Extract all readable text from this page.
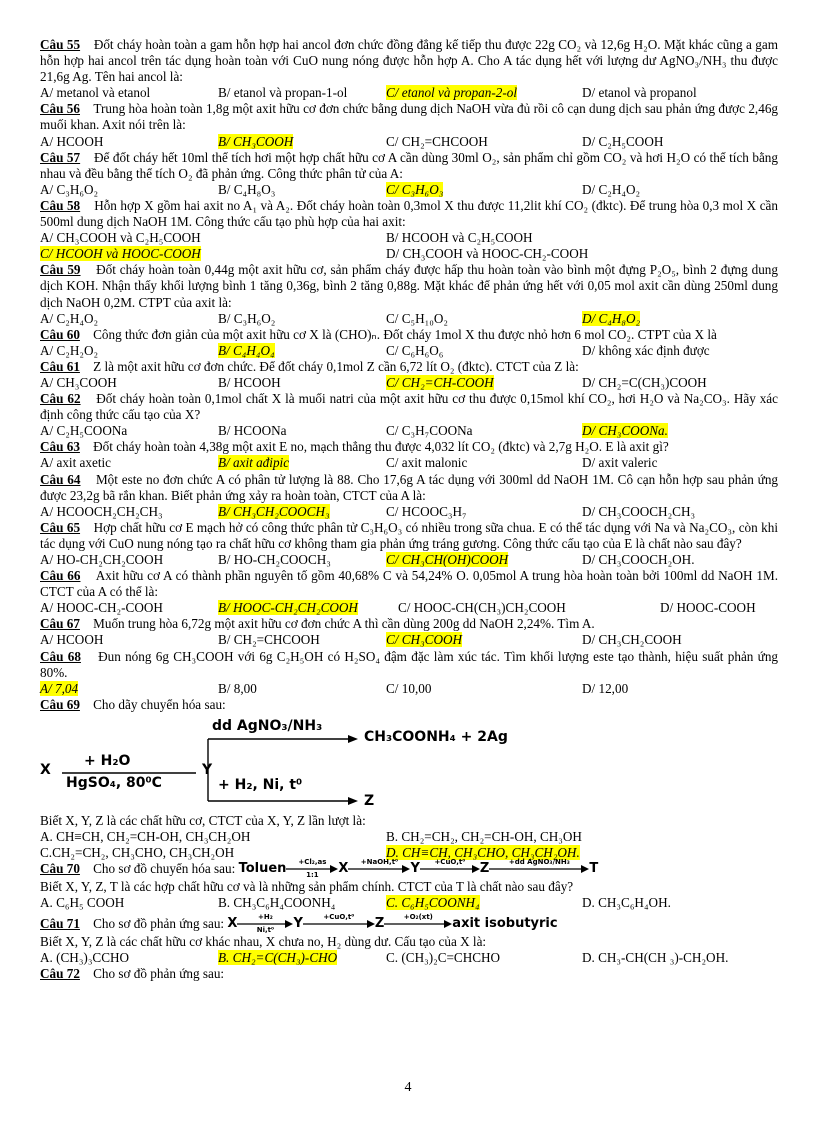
Câu 55 Đốt cháy hoàn toàn a gam hỗn hợp hai ancol đơn chức đồng đẳng kế tiếp thu được 22g CO₂ và 12,6g H₂O. Mặt khác cũng a gam hỗn hợp hai ancol trên tác dụng hoàn toàn với CuO nung nóng được hỗn hợp A. Cho A tác dụng hết với lượng dư AgNO₃/NH₃ thu được 21,6g Ag. Tên hai ancol là:

A/ metanol và etanol	B/ etanol và propan-1-ol	C/ etanol và propan-2-ol	D/ etanol và propanol

Câu 56 Trung hòa hoàn toàn 1,8g một axit hữu cơ đơn chức bằng dung dịch NaOH vừa đủ rồi cô cạn dung dịch sau phản ứng được 2,46g muối khan. Axit nói trên là:

A/ HCOOH	B/ CH₃COOH	C/ CH₂=CHCOOH	D/ C₂H₅COOH

Câu 57 Để đốt cháy hết 10ml thể tích hơi một hợp chất hữu cơ A cần dùng 30ml O₂, sản phẩm chỉ gồm CO₂ và hơi H₂O có thể tích bằng nhau và đều bằng thể tích O₂ đã phản ứng. Công thức phân tử của A:

A/ C₃H₆O₂	B/ C₄H₈O₃	C/ C₃H₆O₃	D/ C₂H₄O₂

Câu 58 Hỗn hợp X gồm hai axit no A₁ và A₂. Đốt cháy hoàn toàn 0,3mol X thu được 11,2lit khí CO₂ (đktc). Để trung hòa 0,3 mol X cần 500ml dung dịch NaOH 1M. Công thức cấu tạo phù hợp của hai axit:

A/ CH₃COOH và C₂H₅COOH	B/ HCOOH và C₂H₅COOH
C/ HCOOH và HOOC-COOH	D/ CH₃COOH và HOOC-CH₂-COOH

Câu 59 Đốt cháy hoàn toàn 0,44g một axit hữu cơ, sản phẩm cháy được hấp thu hoàn toàn vào bình một đựng P₂O₅, bình 2 đựng dung dịch KOH. Nhận thấy khối lượng bình 1 tăng 0,36g, bình 2 tăng 0,88g. Mặt khác để phản ứng hết với 0,05 mol axit cần dùng 250ml dung dịch NaOH 0,2M. CTPT của axit là:

A/ C₂H₄O₂	B/ C₃H₆O₂	C/ C₅H₁₀O₂	D/ C₄H₈O₂

Câu 60 Công thức đơn giản của một axit hữu cơ X là (CHO)ₙ. Đốt cháy 1mol X thu được nhỏ hơn 6 mol CO₂. CTPT của X là

A/ C₂H₂O₂	B/ C₄H₄O₄	C/ C₆H₆O₆	D/ không xác định được

Câu 61 Z là một axit hữu cơ đơn chức. Để đốt cháy 0,1mol Z cần 6,72 lít O₂ (đktc). CTCT của Z là:

A/ CH₃COOH	B/ HCOOH	C/ CH₂=CH-COOH	D/ CH₂=C(CH₃)COOH

Câu 62 Đốt cháy hoàn toàn 0,1mol chất X là muối natri của một axit hữu cơ thu được 0,15mol khí CO₂, hơi H₂O và Na₂CO₃. Hãy xác định công thức cấu tạo của X?

A/ C₂H₅COONa	B/ HCOONa	C/ C₃H₇COONa	D/ CH₃COONa.

Câu 63 Đốt cháy hoàn toàn 4,38g một axit E no, mạch thẳng thu được 4,032 lít CO₂ (đktc) và 2,7g H₂O. E là axit gì?

A/ axit axetic	B/ axit ađipic	C/ axit malonic	D/ axit valeric

Câu 64 Một este no đơn chức A có phân tử lượng là 88. Cho 17,6g A tác dụng với 300ml dd NaOH 1M. Cô cạn hỗn hợp sau phản ứng được 23,2g bã rắn khan. Biết phản ứng xảy ra hoàn toàn, CTCT của A là:

A/ HCOOCH₂CH₂CH₃	B/ CH₃CH₂COOCH₃	C/ HCOOC₃H₇	D/ CH₃COOCH₂CH₃

Câu 65 Hợp chất hữu cơ E mạch hở có công thức phân tử C₃H₆O₃ có nhiều trong sữa chua. E có thể tác dụng với Na và Na₂CO₃, còn khi tác dụng với CuO nung nóng tạo ra chất hữu cơ không tham gia phản ứng tráng gương. Công thức cấu tạo của E là chất nào sau đây?

A/ HO-CH₂CH₂COOH	B/ HO-CH₂COOCH₃	C/ CH₃CH(OH)COOH	D/ CH₃COOCH₂OH.

Câu 66 Axit hữu cơ A có thành phần nguyên tố gồm 40,68% C và 54,24% O. 0,05mol A trung hòa hoàn toàn bởi 100ml dd NaOH 1M. CTCT của A có thể là:

A/ HOOC-CH₂-COOH	B/ HOOC-CH₂CH₂COOH	C/ HOOC-CH(CH₃)CH₂COOH	D/ HOOC-COOH

Câu 67 Muốn trung hòa 6,72g một axit hữu cơ đơn chức A thì cần dùng 200g dd NaOH 2,24%. Tìm A.

A/ HCOOH	B/ CH₂=CHCOOH	C/ CH₃COOH	D/ CH₃CH₂COOH

Câu 68 Đun nóng 6g CH₃COOH với 6g C₂H₅OH có H₂SO₄ đậm đặc làm xúc tác. Tìm khối lượng este tạo thành, hiệu suất phản ứng 80%.

A/ 7,04	B/ 8,00	C/ 10,00	D/ 12,00

Câu 69 Cho dãy chuyển hóa sau:

X
+ H₂O
HgSO₄, 80⁰C
Y
dd AgNO₃/NH₃
CH₃COONH₄ + 2Ag
+ H₂, Ni, t⁰
Z

Biết X, Y, Z là các chất hữu cơ, CTCT của X, Y, Z lần lượt là:

A. CH≡CH, CH₂=CH-OH, CH₃CH₂OH	B. CH₂=CH₂, CH₂=CH-OH, CH₃OH
C.CH₂=CH₂, CH₃CHO, CH₃CH₂OH	D. CH≡CH, CH₃CHO, CH₃CH₂OH.

Câu 70
Cho sơ đồ chuyển hóa sau:
Toluen	+Cl₂,as
1:1	X	+NaOH,t⁰ Y	+CuO,t⁰	Z	+dd AgNO₃/NH₃	T

Biết X, Y, Z, T là các hợp chất hữu cơ và là những sản phẩm chính. CTCT của T là chất nào sau đây?

A. C₆H₅ COOH	B. CH₃C₆H₄COONH₄	C. C₆H₅COONH₄	D. CH₃C₆H₄OH.

Câu 71
Cho sơ đồ phản ứng sau:
X	+H₂
Ni,t⁰	Y	+CuO,t⁰	Z	+O₂(xt)	axit isobutyric

Biết X, Y, Z là các chất hữu cơ khác nhau, X chưa no, H₂ dùng dư. Cấu tạo của X là:

A. (CH₃)₃CCHO	B. CH₂=C(CH₃)-CHO	C. (CH₃)₂C=CHCHO	D. CH₃-CH(CH ₃)-CH₂OH.

Câu 72 Cho sơ đồ phản ứng sau:

4
